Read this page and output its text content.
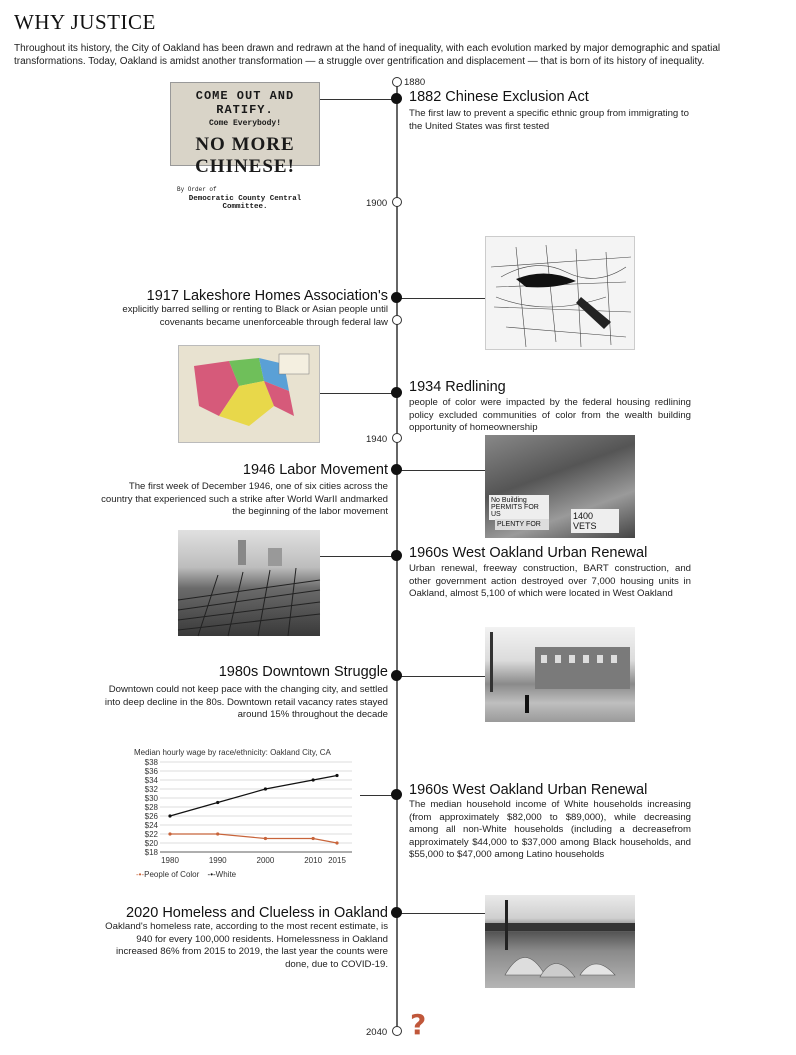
WHY JUSTICE
Throughout its history, the City of Oakland has been drawn and redrawn at the hand of inequality, with each evolution marked by major demographic and spatial transformations. Today, Oakland is amidst another transformation — a struggle over gentrification and displacement — that is born of its history of inequality.
1880
1900
1940
2040 ?
COME OUT AND RATIFY.
Come Everybody!
NO MORE CHINESE!
By Order of
Democratic County Central Committee.
1882 Chinese Exclusion Act
The first law to prevent a specific ethnic group from immigrating to the United States was first tested
1917 Lakeshore Homes Association's
explicitly barred selling or renting to Black or Asian people until covenants became unenforceable through federal law
1934 Redlining
people of color were impacted by the federal housing redlining policy excluded communities of color from the wealth building opportunity of homeownership
No Building PERMITS FOR US	1400 VETS
PLENTY FOR
1946 Labor Movement
The first week of December 1946, one of six cities across the country that experienced such a strike after World WarII andmarked the beginning of the labor movement
1960s West Oakland Urban Renewal
Urban renewal, freeway construction, BART construction, and other government action destroyed over 7,000 housing units in Oakland, almost 5,100 of which were located in West Oakland
1980s Downtown Struggle
Downtown could not keep pace with the changing city, and settled into deep decline in the 80s. Downtown retail vacancy rates stayed around 15% throughout the decade
Median hourly wage by race/ethnicity: Oakland City, CA
$18
$20
$22
$24
$26
$28
$30
$32
$34
$36
$38
1980	1990	2000	2010 2015
-•-People of Color -•-White
1960s West Oakland Urban Renewal
The median household income of White households increasing (from approximately $82,000 to $89,000), while decreasing among all non-White households (including a decreasefrom approximately $44,000 to $37,000 among Black households, and $55,000 to $47,000 among Latino households
2020 Homeless and Clueless in Oakland
Oakland's homeless rate, according to the most recent estimate, is 940 for every 100,000 residents. Homelessness in Oakland increased 86% from 2015 to 2019, the last year the counts were done, due to COVID-19.
